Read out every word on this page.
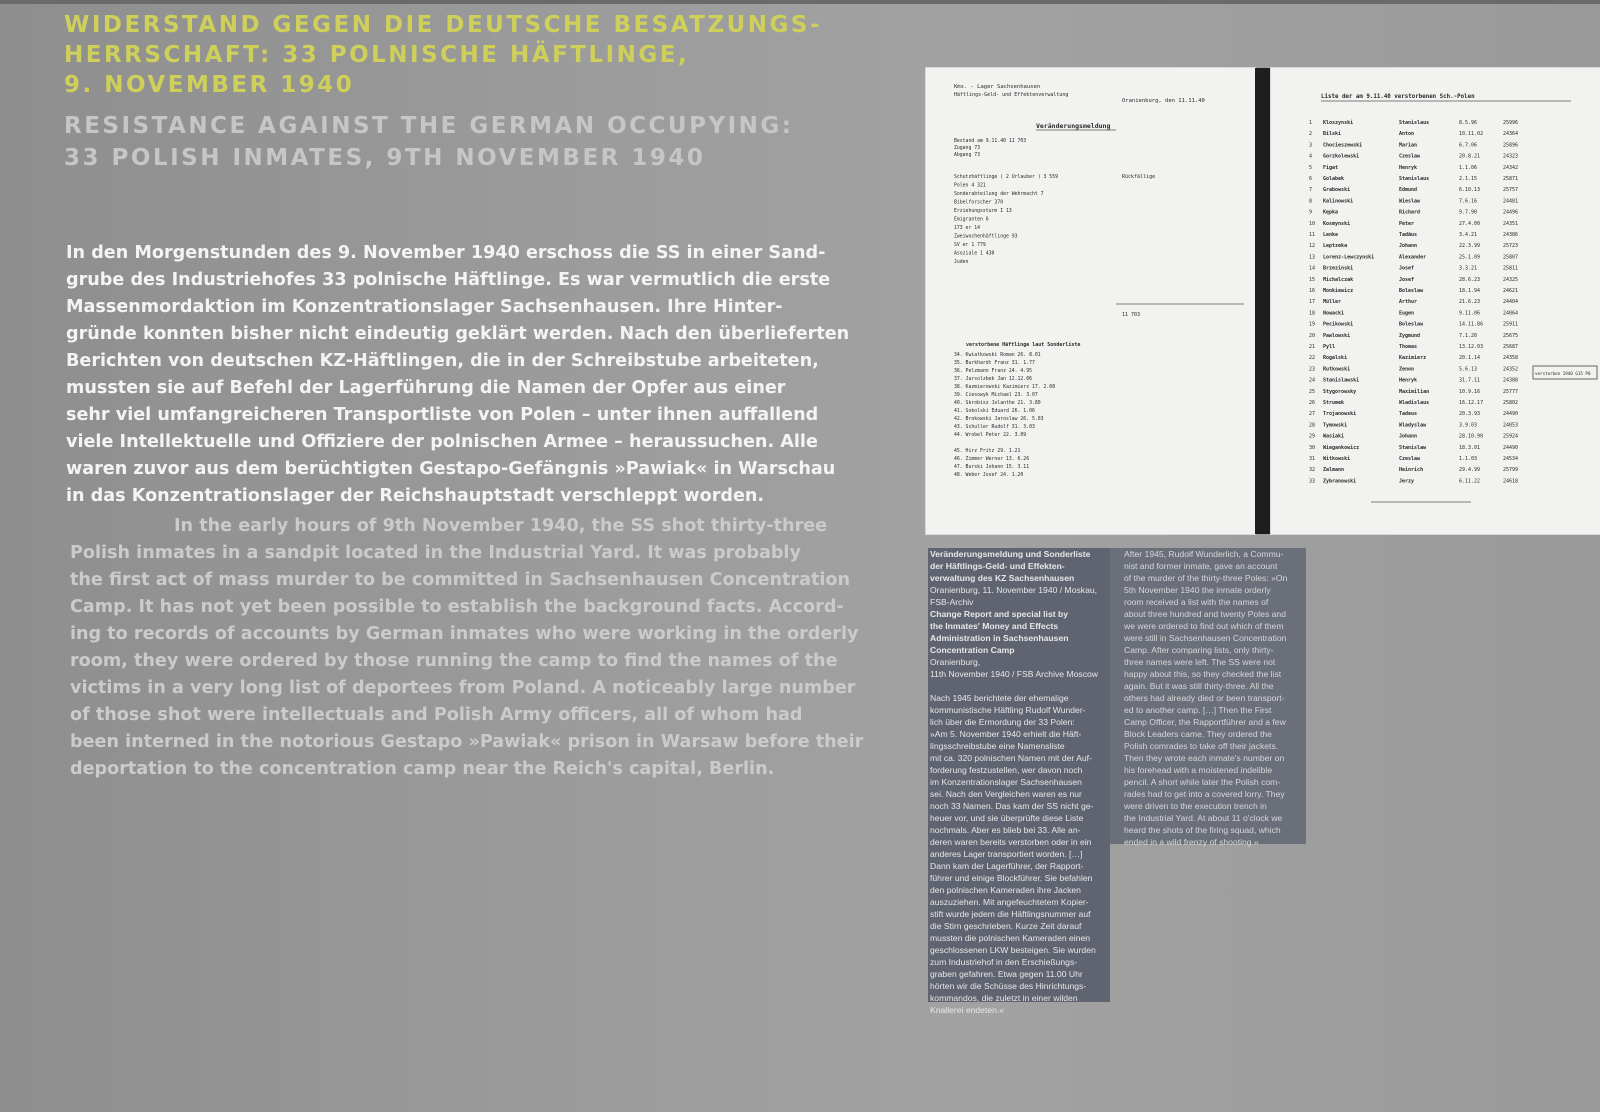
WIDERSTAND GEGEN DIE DEUTSCHE BESATZUNGS-
HERRSCHAFT: 33 POLNISCHE HÄFTLINGE,
9. NOVEMBER 1940
RESISTANCE AGAINST THE GERMAN OCCUPYING:
33 POLISH INMATES, 9TH NOVEMBER 1940

In den Morgenstunden des 9. November 1940 erschoss die SS in einer Sand-
grube des Industriehofes 33 polnische Häftlinge. Es war vermutlich die erste
Massenmordaktion im Konzentrationslager Sachsenhausen. Ihre Hinter-
gründe konnten bisher nicht eindeutig geklärt werden. Nach den überlieferten
Berichten von deutschen KZ-Häftlingen, die in der Schreibstube arbeiteten,
mussten sie auf Befehl der Lagerführung die Namen der Opfer aus einer
sehr viel umfangreicheren Transportliste von Polen – unter ihnen auffallend
viele Intellektuelle und Offiziere der polnischen Armee – heraussuchen. Alle
waren zuvor aus dem berüchtigten Gestapo-Gefängnis »Pawiak« in Warschau
in das Konzentrationslager der Reichshauptstadt verschleppt worden.

In the early hours of 9th November 1940, the SS shot thirty-three
Polish inmates in a sandpit located in the Industrial Yard. It was probably
the first act of mass murder to be committed in Sachsenhausen Concentration
Camp. It has not yet been possible to establish the background facts. Accord-
ing to records of accounts by German inmates who were working in the orderly
room, they were ordered by those running the camp to find the names of the
victims in a very long list of deportees from Poland. A noticeably large number
of those shot were intellectuals and Polish Army officers, all of whom had
been interned in the notorious Gestapo »Pawiak« prison in Warsaw before their
deportation to the concentration camp near the Reich's capital, Berlin.

Kms. - Lager Sachsenhausen
Häftlings-Geld- und Effektenverwaltung
Oranienburg, den 11.11.40
Veränderungsmeldung
Bestand am 9.11.40 11 703
Zugang 73
Abgang 73
Schutzhäftlinge ( 2 Urlauber ) 3 559
Polen 4 321
Sonderabteilung der Wehrmacht 7
Bibelforscher 370
Erziehungssturm I 13
Emigranten 6
173 er 14
Zweiwochenhäftlinge 93
SV er 1 779
Asoziale 1 430
Juden
Rückfällige
11 703
verstorbene Häftlinge laut Sonderliste
34. Kwiatkowski Roman 26. 8.01
35. Burkhardt Franz 31. 1.77
36. Pelzmann Franz 24. 4.95
37. Jarsolzbek Jan 12.12.06
38. Kazmierowski Kazimierz 17. 2.08
39. Ciesowyk Michael 23. 3.07
40. Skrobisz Jolanthe 21. 3.80
41. Sokolski Eduard 26. 1.06
42. Brokowski Jaroslaw 26. 5.03
43. Schuller Rudolf 31. 3.03
44. Wrobel Peter 22. 3.09
45. Hirz Fritz 29. 1.21
46. Zimmer Werner 13. 6.26
47. Burski Johann 15. 3.11
48. Weber Josef 24. 1.20
Liste der am 9.11.40 verstorbenen Sch.-Polen
1 Kloszynski	Stanislaus	8.5.96	25996
2 Bilski	Anton	10.11.02	24364
3 Chocieszewski	Marian	6.7.06	25896
4 Gorzkolewski	Czeslaw	20.8.21	24323
5 Figat	Henryk	1.1.06	24342
6 Golabek	Stanislaus	2.1.15	25871
7 Grabowski	Edmund	6.10.13	25757
8 Kalinowski	Wieslaw	7.6.16	24481
9 Kępka	Richard	9.7.90	24496
10 Kosmynski	Peter	27.4.00	24351
11 Lenke	Tadäus	3.4.21	24386
12 Leptzeka	Johann	22.3.99	25723
13 Lorenz-Lewczynski	Alexander	25.1.09	25807
14 Brzezinski	Josef	3.3.21	25811
15 Michalczak	Josef	28.6.23	24325
16 Monkiewicz	Boleslaw	18.1.94	24621
17 Müller	Arthur	21.6.23	24404
18 Nowacki	Eugen	9.11.06	24064
19 Pecikowski	Boleslaw	14.11.86	25911
20 Pawlowski	Zygmund	7.1.20	25675
21 Pyll	Thomas	13.12.03	25687
22 Rogalski	Kazimierz	20.1.14	24358
23 Rutkowski	Zenon	5.6.13	24352
24 Stanislawski	Henryk	31.7.11	24388
25 Stygorowsky	Maximilian	10.9.16	25777
26 Strumek	Wladislaus	16.12.17	25802
27 Trojanowski	Tadeus	20.3.93	24490
28 Tymowski	Wladyslaw	3.9.03	24053
29 Wasiaki	Johann	28.10.90	25924
30 Wiegankowicz	Stanislaw	18.3.01	24490
31 Witkowski	Czeslaw	1.1.03	24534
32 Zalmann	Heinrich	29.4.99	25799
33 Zybranowski	Jerzy	6.11.22	24618
verstorben 1940 G15 P0
Veränderungsmeldung und Sonderliste
der Häftlings-Geld- und Effekten-
verwaltung des KZ Sachsenhausen
Oranienburg, 11. November 1940 / Moskau,
FSB-Archiv
Change Report and special list by
the Inmates' Money and Effects
Administration in Sachsenhausen
Concentration Camp
Oranienburg,
11th November 1940 / FSB Archive Moscow
Nach 1945 berichtete der ehemalige
kommunistische Häftling Rudolf Wunder-
lich über die Ermordung der 33 Polen:
»Am 5. November 1940 erhielt die Häft-
lingsschreibstube eine Namensliste
mit ca. 320 polnischen Namen mit der Auf-
forderung festzustellen, wer davon noch
im Konzentrationslager Sachsenhausen
sei. Nach den Vergleichen waren es nur
noch 33 Namen. Das kam der SS nicht ge-
heuer vor, und sie überprüfte diese Liste
nochmals. Aber es blieb bei 33. Alle an-
deren waren bereits verstorben oder in ein
anderes Lager transportiert worden. […]
Dann kam der Lagerführer, der Rapport-
führer und einige Blockführer. Sie befahlen
den polnischen Kameraden ihre Jacken
auszuziehen. Mit angefeuchtetem Kopier-
stift wurde jedem die Häftlingsnummer auf
die Stirn geschrieben. Kurze Zeit darauf
mussten die polnischen Kameraden einen
geschlossenen LKW besteigen. Sie wurden
zum Industriehof in den Erschießungs-
graben gefahren. Etwa gegen 11.00 Uhr
hörten wir die Schüsse des Hinrichtungs-
kommandos, die zuletzt in einer wilden
Knallerei endeten.«
After 1945, Rudolf Wunderlich, a Commu-
nist and former inmate, gave an account
of the murder of the thirty-three Poles: »On
5th November 1940 the inmate orderly
room received a list with the names of
about three hundred and twenty Poles and
we were ordered to find out which of them
were still in Sachsenhausen Concentration
Camp. After comparing lists, only thirty-
three names were left. The SS were not
happy about this, so they checked the list
again. But it was still thirty-three. All the
others had already died or been transport-
ed to another camp. […] Then the First
Camp Officer, the Rapportführer and a few
Block Leaders came. They ordered the
Polish comrades to take off their jackets.
Then they wrote each inmate's number on
his forehead with a moistened indelible
pencil. A short while later the Polish com-
rades had to get into a covered lorry. They
were driven to the execution trench in
the Industrial Yard. At about 11 o'clock we
heard the shots of the firing squad, which
ended in a wild frenzy of shooting.«
